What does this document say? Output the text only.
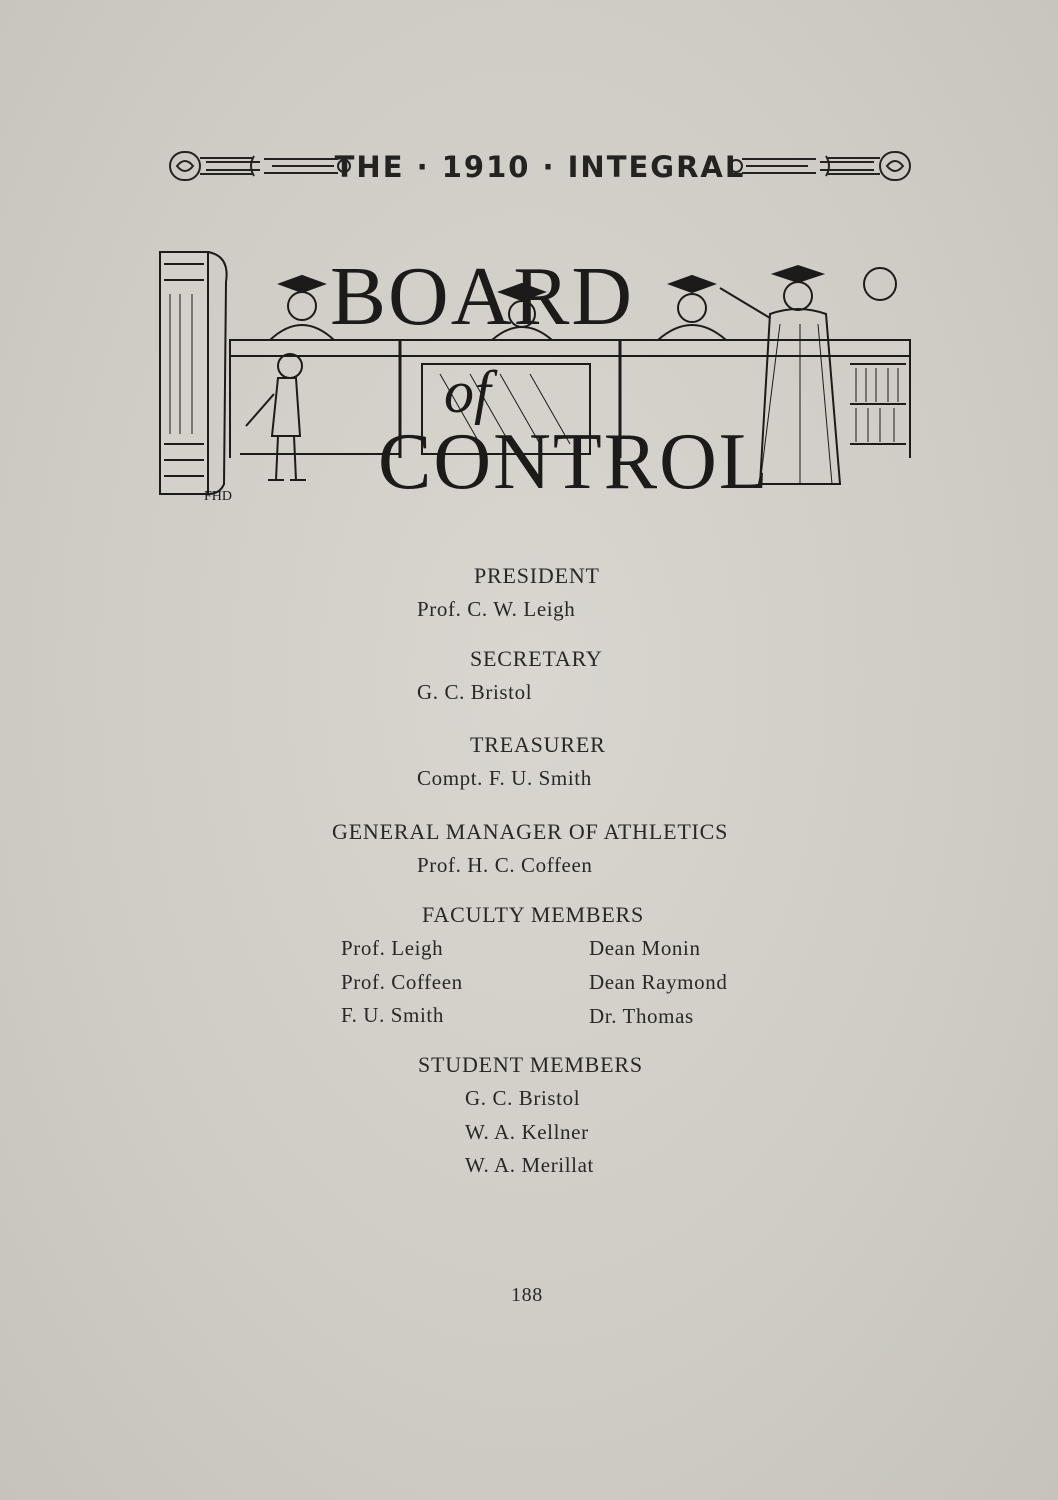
THE · 1910 · INTEGRAL
BOARD
of
CONTROL
FHD
PRESIDENT
Prof. C. W. Leigh
SECRETARY
G. C. Bristol
TREASURER
Compt. F. U. Smith
GENERAL MANAGER OF ATHLETICS
Prof. H. C. Coffeen
FACULTY MEMBERS
Prof. Leigh
Prof. Coffeen
F. U. Smith
Dean Monin
Dean Raymond
Dr. Thomas
STUDENT MEMBERS
G. C. Bristol
W. A. Kellner
W. A. Merillat
188
